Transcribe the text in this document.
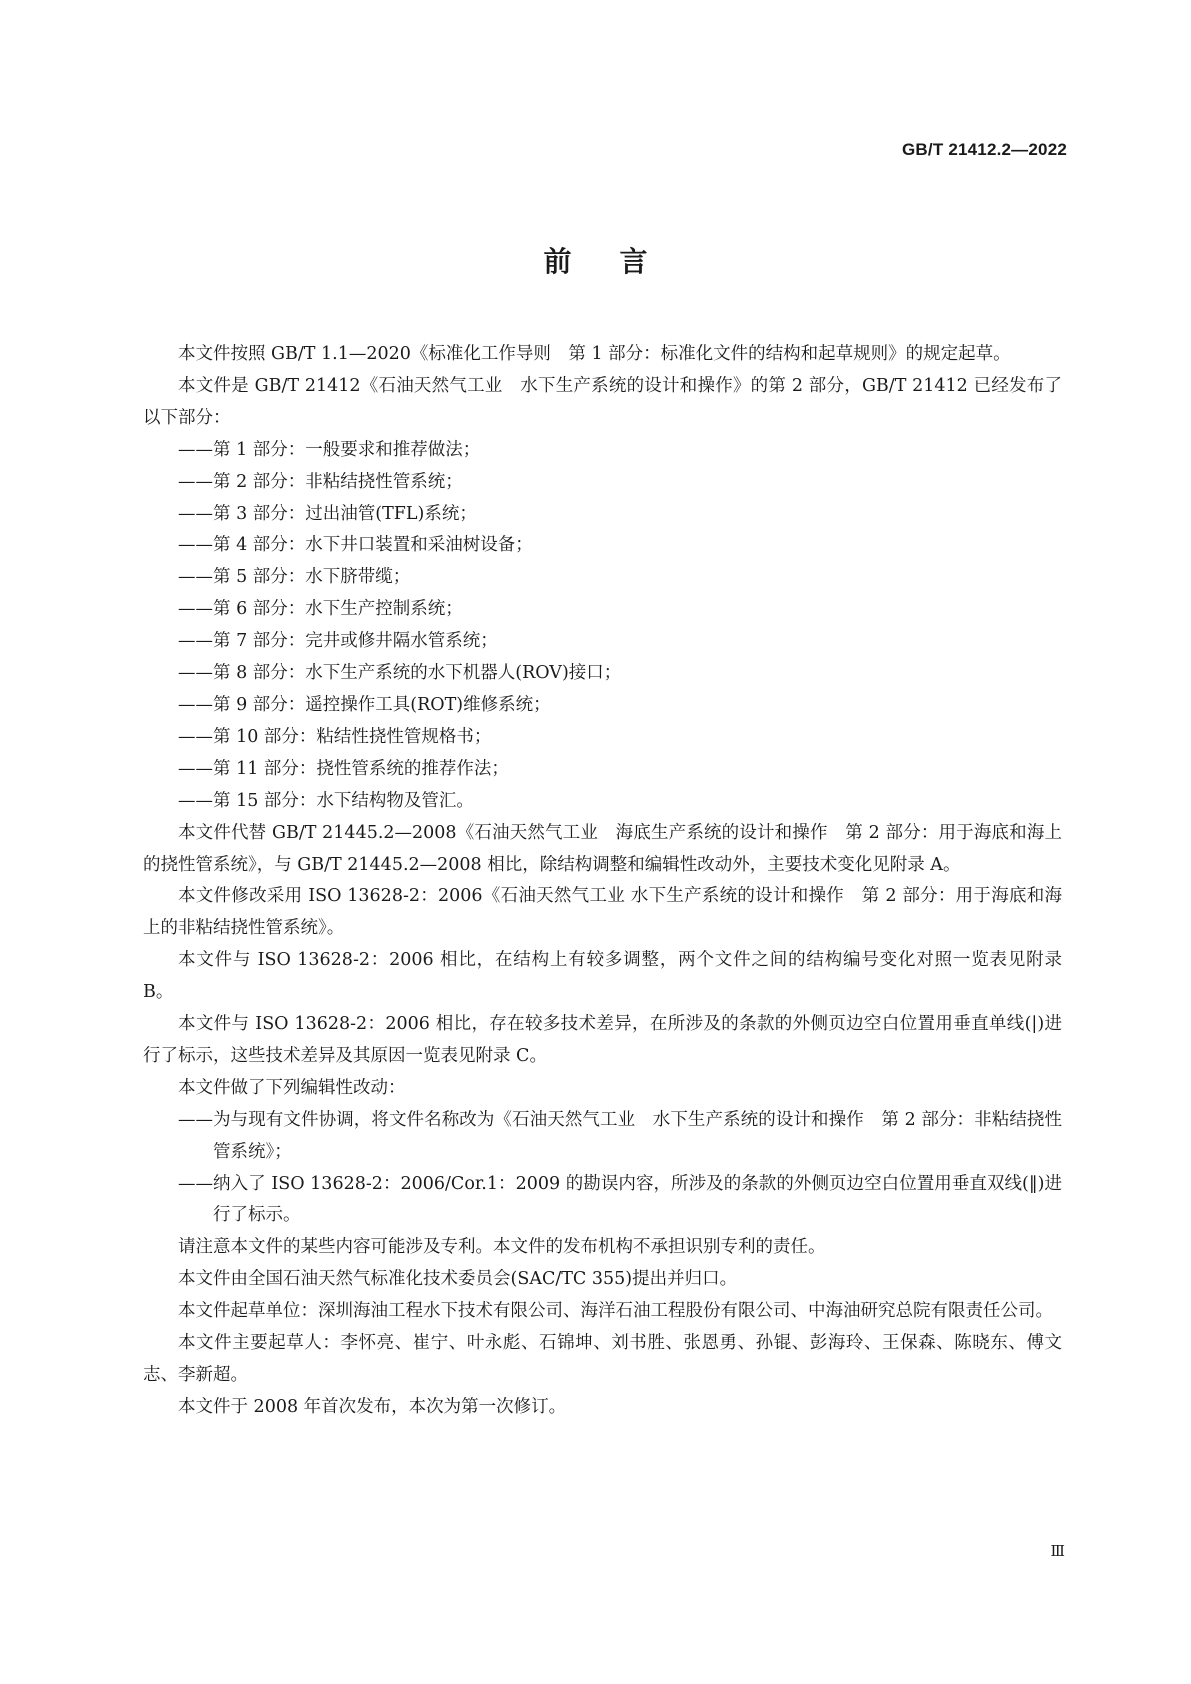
GB/T 21412.2—2022
前言

本文件按照 GB/T 1.1—2020《标准化工作导则　第 1 部分：标准化文件的结构和起草规则》的规定起草。

本文件是 GB/T 21412《石油天然气工业　水下生产系统的设计和操作》的第 2 部分，GB/T 21412 已经发布了以下部分：

——第 1 部分：一般要求和推荐做法；

——第 2 部分：非粘结挠性管系统；

——第 3 部分：过出油管(TFL)系统；

——第 4 部分：水下井口装置和采油树设备；

——第 5 部分：水下脐带缆；

——第 6 部分：水下生产控制系统；

——第 7 部分：完井或修井隔水管系统；

——第 8 部分：水下生产系统的水下机器人(ROV)接口；

——第 9 部分：遥控操作工具(ROT)维修系统；

——第 10 部分：粘结性挠性管规格书；

——第 11 部分：挠性管系统的推荐作法；

——第 15 部分：水下结构物及管汇。

本文件代替 GB/T 21445.2—2008《石油天然气工业　海底生产系统的设计和操作　第 2 部分：用于海底和海上的挠性管系统》，与 GB/T 21445.2—2008 相比，除结构调整和编辑性改动外，主要技术变化见附录 A。

本文件修改采用 ISO 13628-2：2006《石油天然气工业 水下生产系统的设计和操作　第 2 部分：用于海底和海上的非粘结挠性管系统》。

本文件与 ISO 13628-2：2006 相比，在结构上有较多调整，两个文件之间的结构编号变化对照一览表见附录 B。

本文件与 ISO 13628-2：2006 相比，存在较多技术差异，在所涉及的条款的外侧页边空白位置用垂直单线(|)进行了标示，这些技术差异及其原因一览表见附录 C。

本文件做了下列编辑性改动：

——为与现有文件协调，将文件名称改为《石油天然气工业　水下生产系统的设计和操作　第 2 部分：非粘结挠性管系统》；

——纳入了 ISO 13628-2：2006/Cor.1：2009 的勘误内容，所涉及的条款的外侧页边空白位置用垂直双线(‖)进行了标示。

请注意本文件的某些内容可能涉及专利。本文件的发布机构不承担识别专利的责任。

本文件由全国石油天然气标准化技术委员会(SAC/TC 355)提出并归口。

本文件起草单位：深圳海油工程水下技术有限公司、海洋石油工程股份有限公司、中海油研究总院有限责任公司。

本文件主要起草人：李怀亮、崔宁、叶永彪、石锦坤、刘书胜、张恩勇、孙锟、彭海玲、王保森、陈晓东、傅文志、李新超。

本文件于 2008 年首次发布，本次为第一次修订。

Ⅲ
